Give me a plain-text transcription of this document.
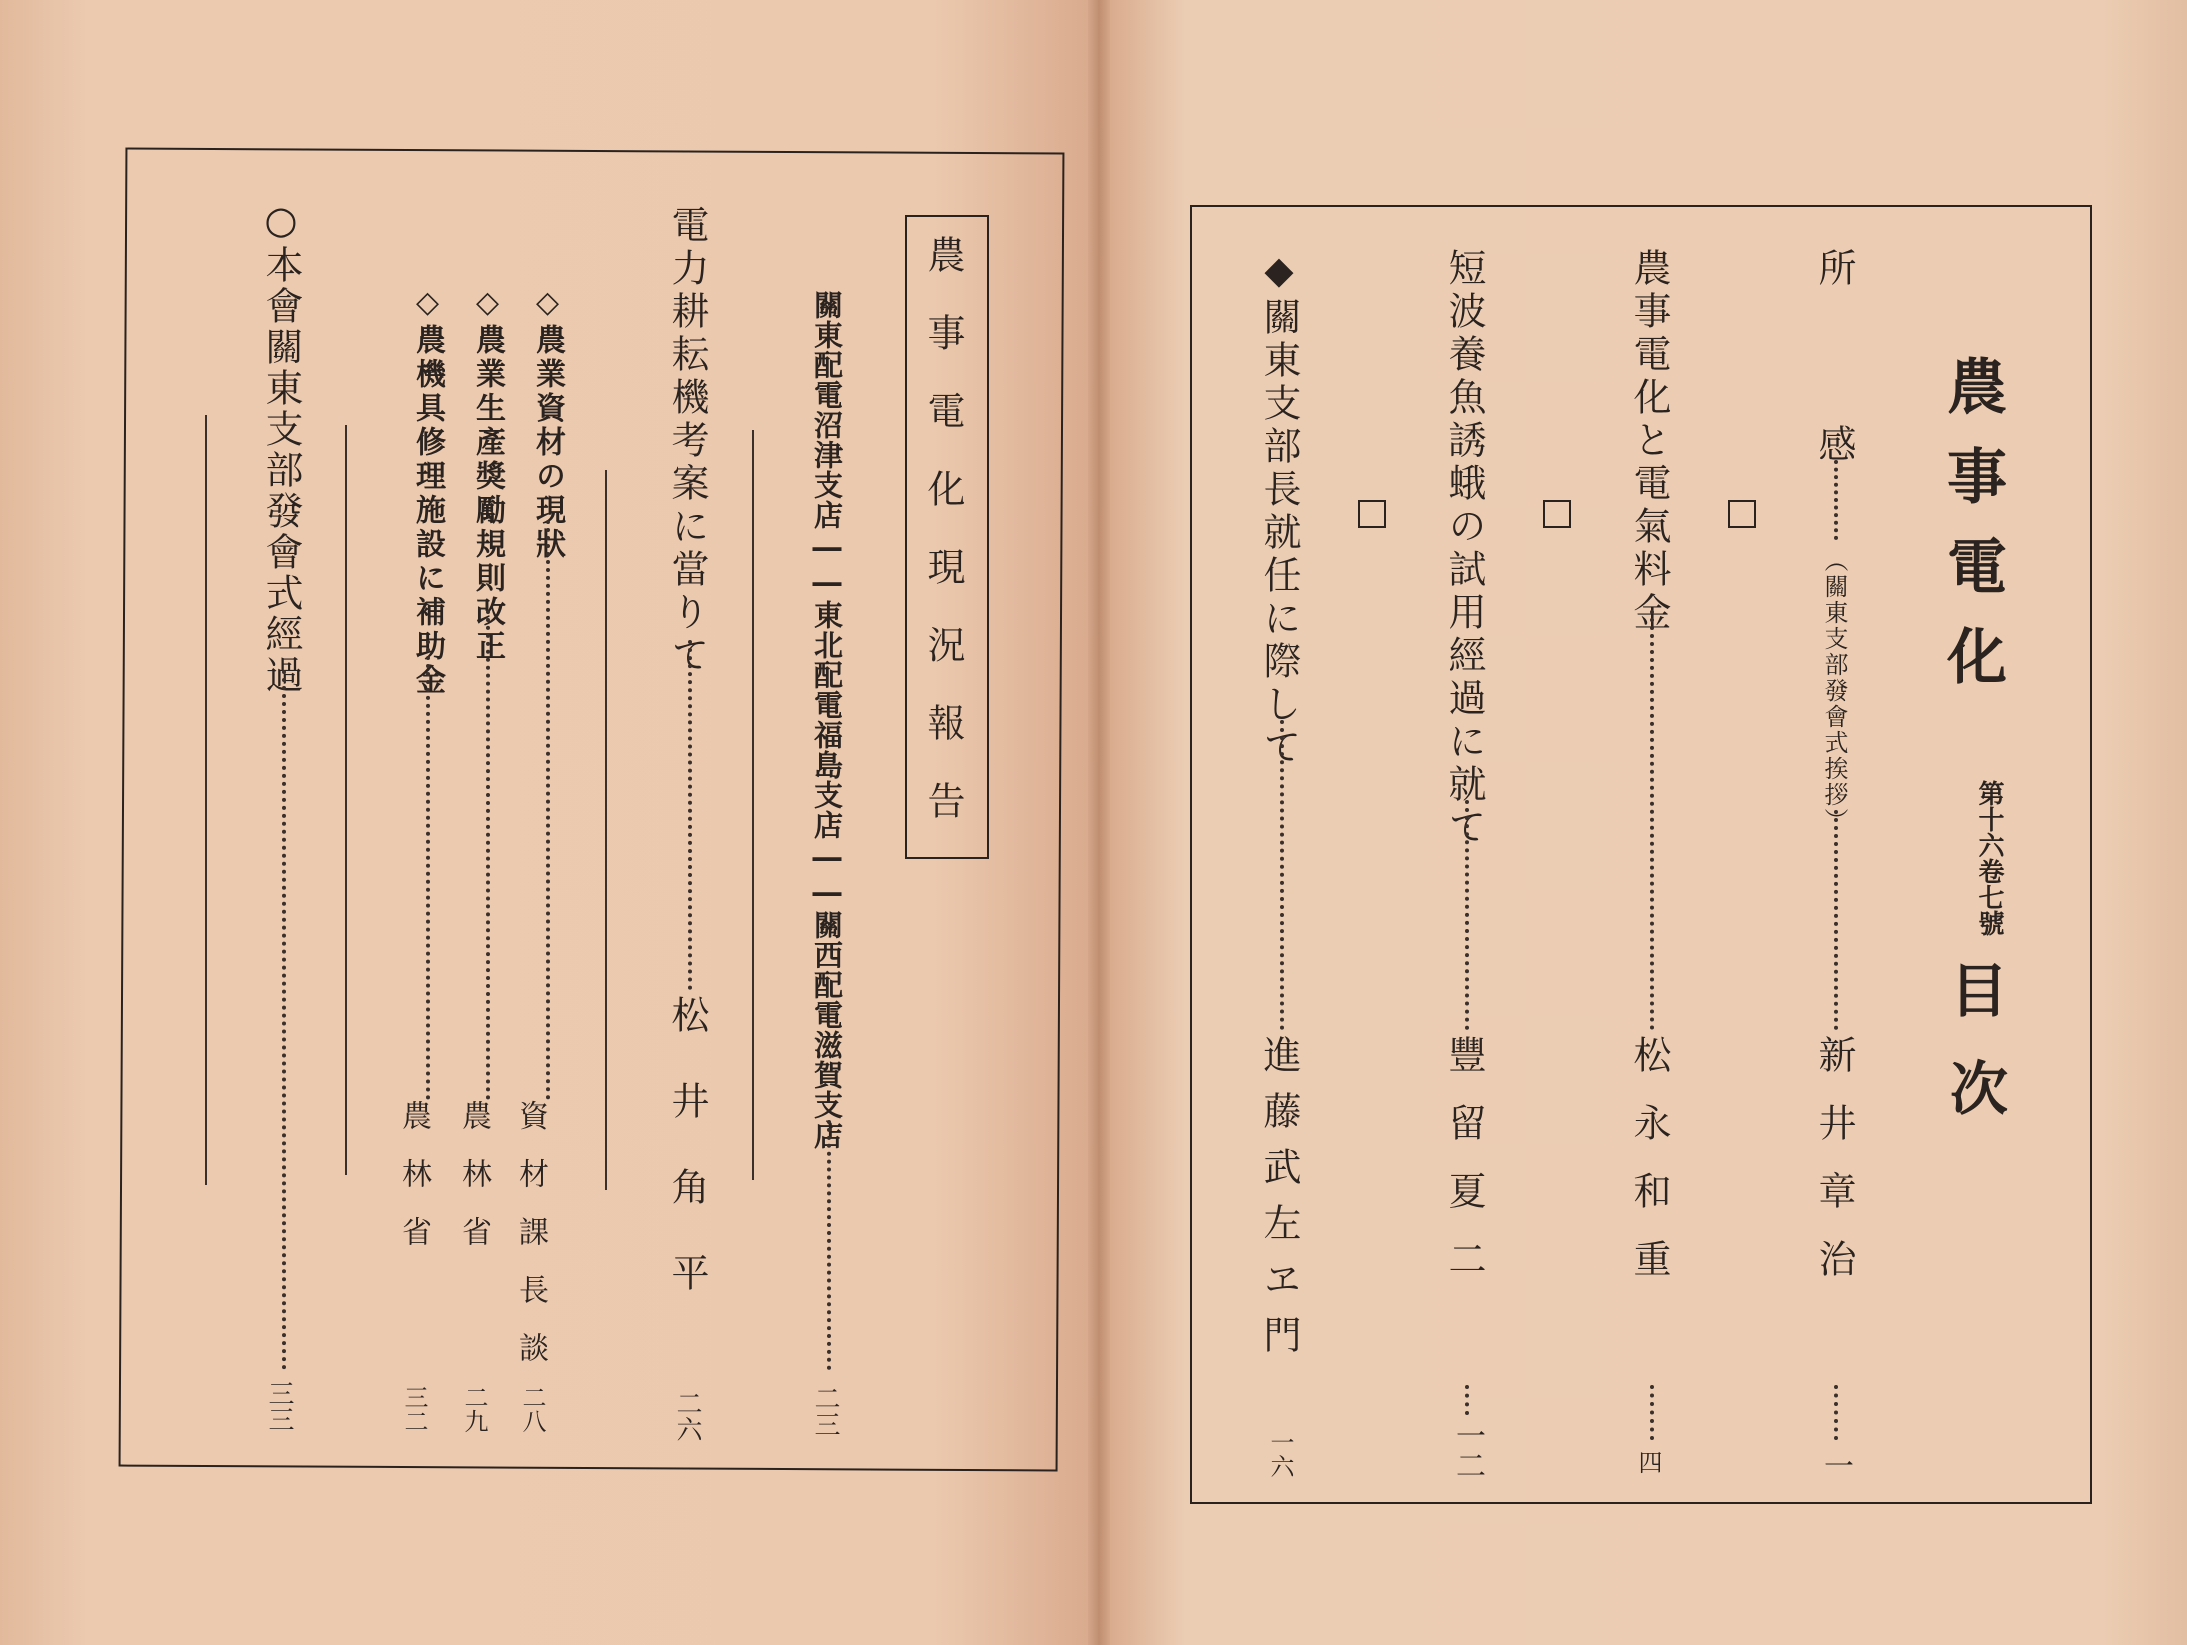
農事電化
第十六卷七號
目次
所　感
（關東支部發會式挨拶）
新井章治
一
農事電化と電氣料金
松永和重
四
短波養魚誘蛾の試用經過に就て
豐留夏二
一二
◆關東支部長就任に際して
進藤武左ヱ門
一六
農事電化現況報告
關東配電沼津支店――東北配電福島支店――關西配電滋賀支店
二三
電力耕耘機考案に當りて
松井角平
二六
◇農業資材の現狀
資材課長談
二八
◇農業生產獎勵規則改正
農林省
二九
◇農機具修理施設に補助金
農林省
三二
○本會關東支部發會式經過
三三
